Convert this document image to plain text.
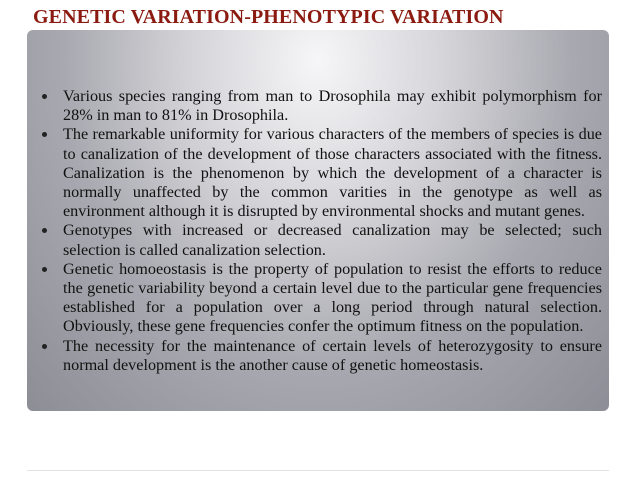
GENETIC VARIATION-PHENOTYPIC VARIATION
Various species ranging from man to Drosophila may exhibit polymorphism for 28% in man to 81% in Drosophila.
The remarkable uniformity for various characters of the members of species is due to canalization of the development of those characters associated with the fitness. Canalization is the phenomenon by which the development of a character is normally unaffected by the common varities in the genotype as well as environment although it is disrupted by environmental shocks and mutant genes.
Genotypes with increased or decreased canalization may be selected; such selection is called canalization selection.
Genetic homoeostasis is the property of population to resist the efforts to reduce the genetic variability beyond a certain level due to the particular gene frequencies established for a population over a long period through natural selection. Obviously, these gene frequencies confer the optimum fitness on the population.
The necessity for the maintenance of certain levels of heterozygosity to ensure normal development is the another cause of genetic homeostasis.
